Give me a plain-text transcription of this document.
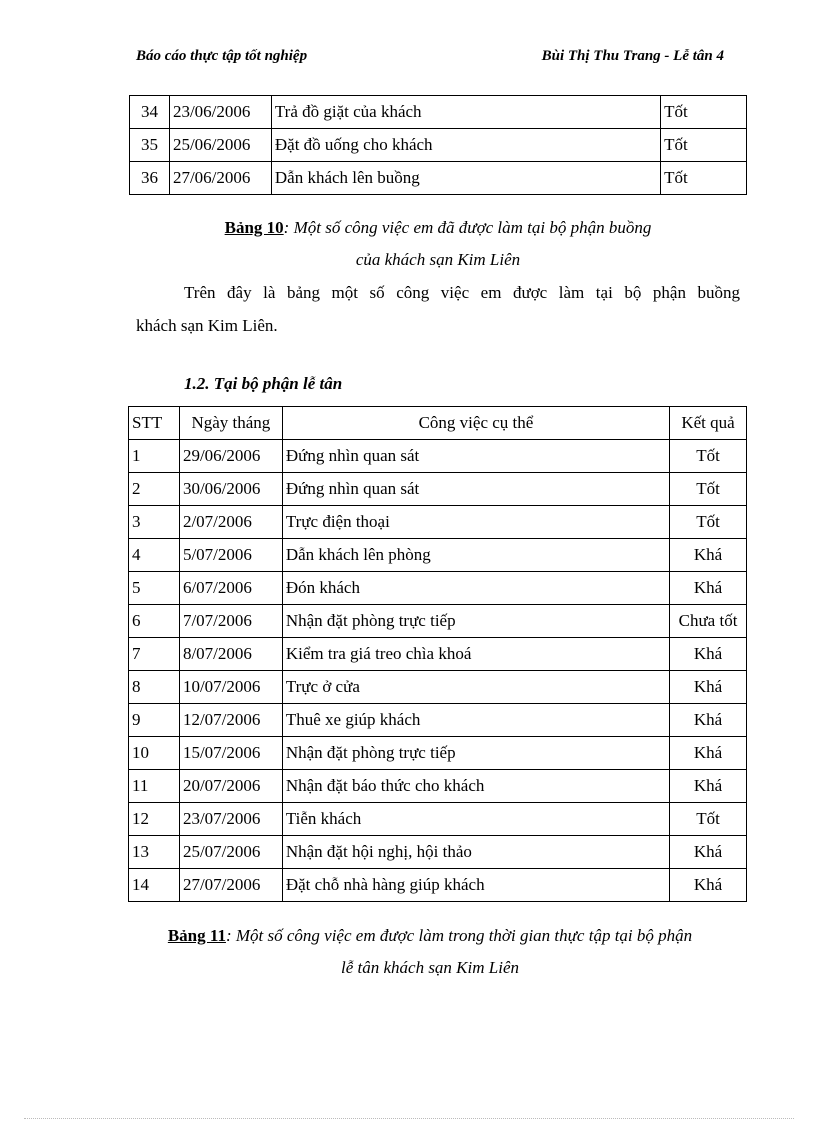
Báo cáo thực tập tốt nghiệp	Bùi Thị Thu Trang - Lễ tân 4
34	23/06/2006	Trả đồ giặt của khách	Tốt
35	25/06/2006	Đặt đồ uống cho khách	Tốt
36	27/06/2006	Dẫn khách lên buồng	Tốt
Bảng 10: Một số công việc em đã được làm tại bộ phận buồng
của khách sạn Kim Liên
Trên đây là bảng một số công việc em được làm tại bộ phận buồng
khách sạn Kim Liên.
1.2. Tại bộ phận lễ tân
STT	Ngày tháng	Công việc cụ thể	Kết quả
1	29/06/2006	Đứng nhìn quan sát	Tốt
2	30/06/2006	Đứng nhìn quan sát	Tốt
3	2/07/2006	Trực điện thoại	Tốt
4	5/07/2006	Dẫn khách lên phòng	Khá
5	6/07/2006	Đón khách	Khá
6	7/07/2006	Nhận đặt phòng trực tiếp	Chưa tốt
7	8/07/2006	Kiểm tra giá treo chìa khoá	Khá
8	10/07/2006	Trực ở cửa	Khá
9	12/07/2006	Thuê xe giúp khách	Khá
10	15/07/2006	Nhận đặt phòng trực tiếp	Khá
11	20/07/2006	Nhận đặt báo thức cho khách	Khá
12	23/07/2006	Tiễn khách	Tốt
13	25/07/2006	Nhận đặt hội nghị, hội thảo	Khá
14	27/07/2006	Đặt chỗ nhà hàng giúp khách	Khá
Bảng 11: Một số công việc em được làm trong thời gian thực tập tại bộ phận
lễ tân khách sạn Kim Liên
